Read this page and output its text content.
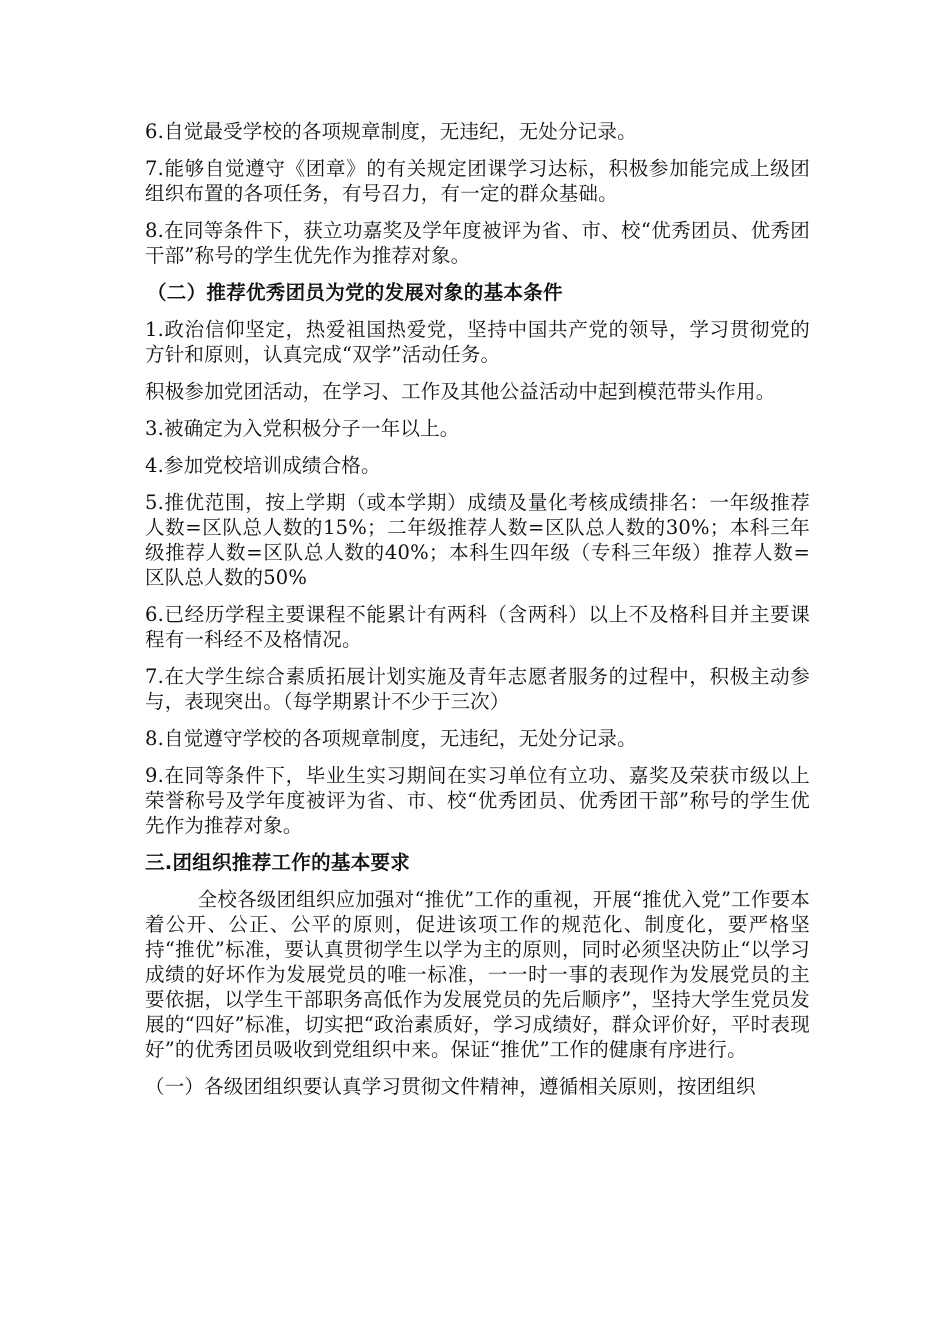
6.自觉最受学校的各项规章制度，无违纪，无处分记录。

7.能够自觉遵守《团章》的有关规定团课学习达标，积极参加能完成上级团组织布置的各项任务，有号召力，有一定的群众基础。

8.在同等条件下，获立功嘉奖及学年度被评为省、市、校“优秀团员、优秀团干部”称号的学生优先作为推荐对象。

（二）推荐优秀团员为党的发展对象的基本条件

1.政治信仰坚定，热爱祖国热爱党，坚持中国共产党的领导，学习贯彻党的方针和原则，认真完成“双学”活动任务。

积极参加党团活动，在学习、工作及其他公益活动中起到模范带头作用。

3.被确定为入党积极分子一年以上。

4.参加党校培训成绩合格。

5.推优范围，按上学期（或本学期）成绩及量化考核成绩排名：一年级推荐人数=区队总人数的15%；二年级推荐人数=区队总人数的30%；本科三年级推荐人数=区队总人数的40%；本科生四年级（专科三年级）推荐人数=区队总人数的50%

6.已经历学程主要课程不能累计有两科（含两科）以上不及格科目并主要课程有一科经不及格情况。

7.在大学生综合素质拓展计划实施及青年志愿者服务的过程中，积极主动参与，表现突出。（每学期累计不少于三次）

8.自觉遵守学校的各项规章制度，无违纪，无处分记录。

9.在同等条件下，毕业生实习期间在实习单位有立功、嘉奖及荣获市级以上荣誉称号及学年度被评为省、市、校“优秀团员、优秀团干部”称号的学生优先作为推荐对象。

三.团组织推荐工作的基本要求

全校各级团组织应加强对“推优”工作的重视，开展“推优入党”工作要本着公开、公正、公平的原则，促进该项工作的规范化、制度化，要严格坚持“推优”标准，要认真贯彻学生以学为主的原则，同时必须坚决防止“以学习成绩的好坏作为发展党员的唯一标准，一一时一事的表现作为发展党员的主要依据，以学生干部职务高低作为发展党员的先后顺序”，坚持大学生党员发展的“四好”标准，切实把“政治素质好，学习成绩好，群众评价好，平时表现好”的优秀团员吸收到党组织中来。保证“推优”工作的健康有序进行。

（一）各级团组织要认真学习贯彻文件精神，遵循相关原则，按团组织
